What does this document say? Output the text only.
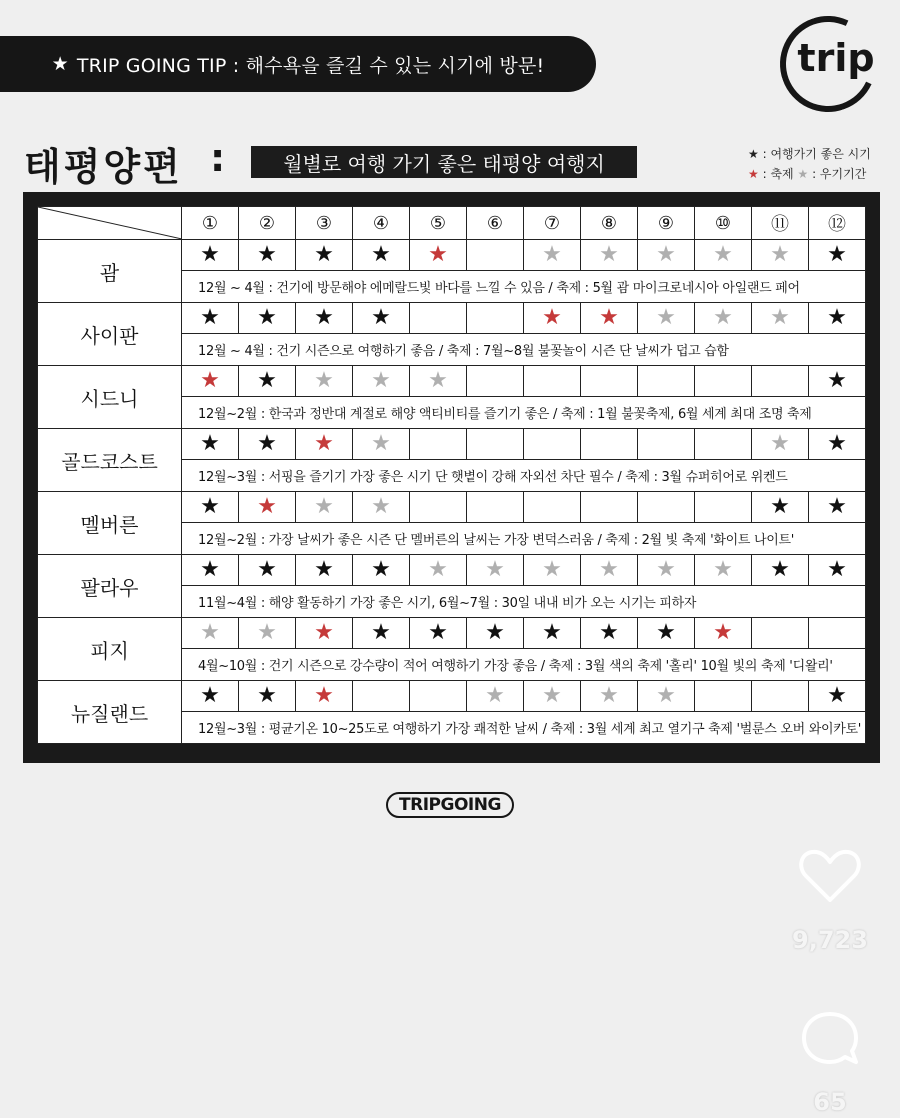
★ TRIP GOING TIP : 해수욕을 즐길 수 있는 시기에 방문!	trip
태평양편 :	월별로 여행 가기 좋은 태평양 여행지	★ : 여행가기 좋은 시기
★ : 축제 ★ : 우기기간
	①	②	③	④	⑤	⑥	⑦	⑧	⑨	⑩	⑪	⑫
괌	★	★	★	★	★		★	★	★	★	★	★
	12월 ~ 4월 : 건기에 방문해야 에메랄드빛 바다를 느낄 수 있음 / 축제 : 5월 괌 마이크로네시아 아일랜드 페어											
사이판	★	★	★	★			★	★	★	★	★	★
	12월 ~ 4월 : 건기 시즌으로 여행하기 좋음 / 축제 : 7월~8월 불꽃놀이 시즌 단 날씨가 덥고 습함											
시드니	★	★	★	★	★							★
	12월~2월 : 한국과 정반대 계절로 해양 액티비티를 즐기기 좋은 / 축제 : 1월 불꽃축제, 6월 세계 최대 조명 축제											
골드코스트	★	★	★	★							★	★
	12월~3월 : 서핑을 즐기기 가장 좋은 시기 단 햇볕이 강해 자외선 차단 필수 / 축제 : 3월 슈퍼히어로 위켄드											
멜버른	★	★	★	★							★	★
	12월~2월 : 가장 날씨가 좋은 시즌 단 멜버른의 날씨는 가장 변덕스러움 / 축제 : 2월 빛 축제 '화이트 나이트'											
팔라우	★	★	★	★	★	★	★	★	★	★	★	★
	11월~4월 : 해양 활동하기 가장 좋은 시기, 6월~7월 : 30일 내내 비가 오는 시기는 피하자											
피지	★	★	★	★	★	★	★	★	★	★		
	4월~10월 : 건기 시즌으로 강수량이 적어 여행하기 가장 좋음 / 축제 : 3월 색의 축제 '홀리' 10월 빛의 축제 '디왈리'											
뉴질랜드	★	★	★			★	★	★	★			★
	12월~3월 : 평균기온 10~25도로 여행하기 가장 쾌적한 날씨 / 축제 : 3월 세계 최고 열기구 축제 '벌룬스 오버 와이카토'											
TRIPGOING
9,723
65
